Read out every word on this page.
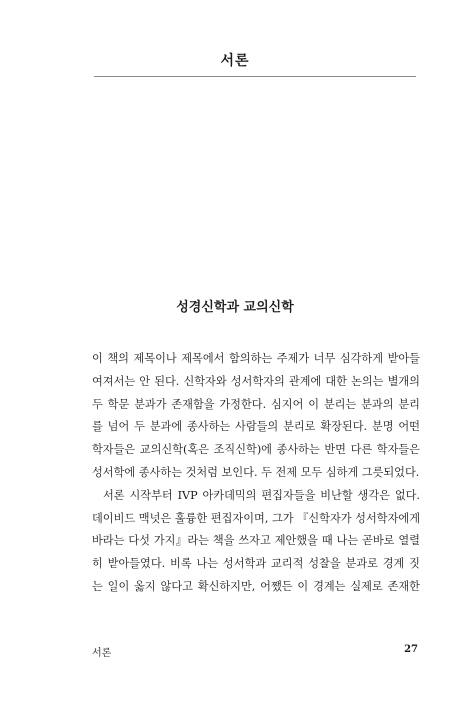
서론
성경신학과 교의신학
이 책의 제목이나 제목에서 함의하는 주제가 너무 심각하게 받아들
여져서는 안 된다. 신학자와 성서학자의 관계에 대한 논의는 별개의
두 학문 분과가 존재함을 가정한다. 심지어 이 분리는 분과의 분리
를 넘어 두 분과에 종사하는 사람들의 분리로 확장된다. 분명 어떤
학자들은 교의신학(혹은 조직신학)에 종사하는 반면 다른 학자들은
성서학에 종사하는 것처럼 보인다. 두 전제 모두 심하게 그릇되었다.
서론 시작부터 IVP 아카데믹의 편집자들을 비난할 생각은 없다.
데이비드 맥넛은 훌륭한 편집자이며, 그가 『신학자가 성서학자에게
바라는 다섯 가지』라는 책을 쓰자고 제안했을 때 나는 곧바로 열렬
히 받아들였다. 비록 나는 성서학과 교리적 성찰을 분과로 경계 짓
는 일이 옳지 않다고 확신하지만, 어쨌든 이 경계는 실제로 존재한
서론	27
